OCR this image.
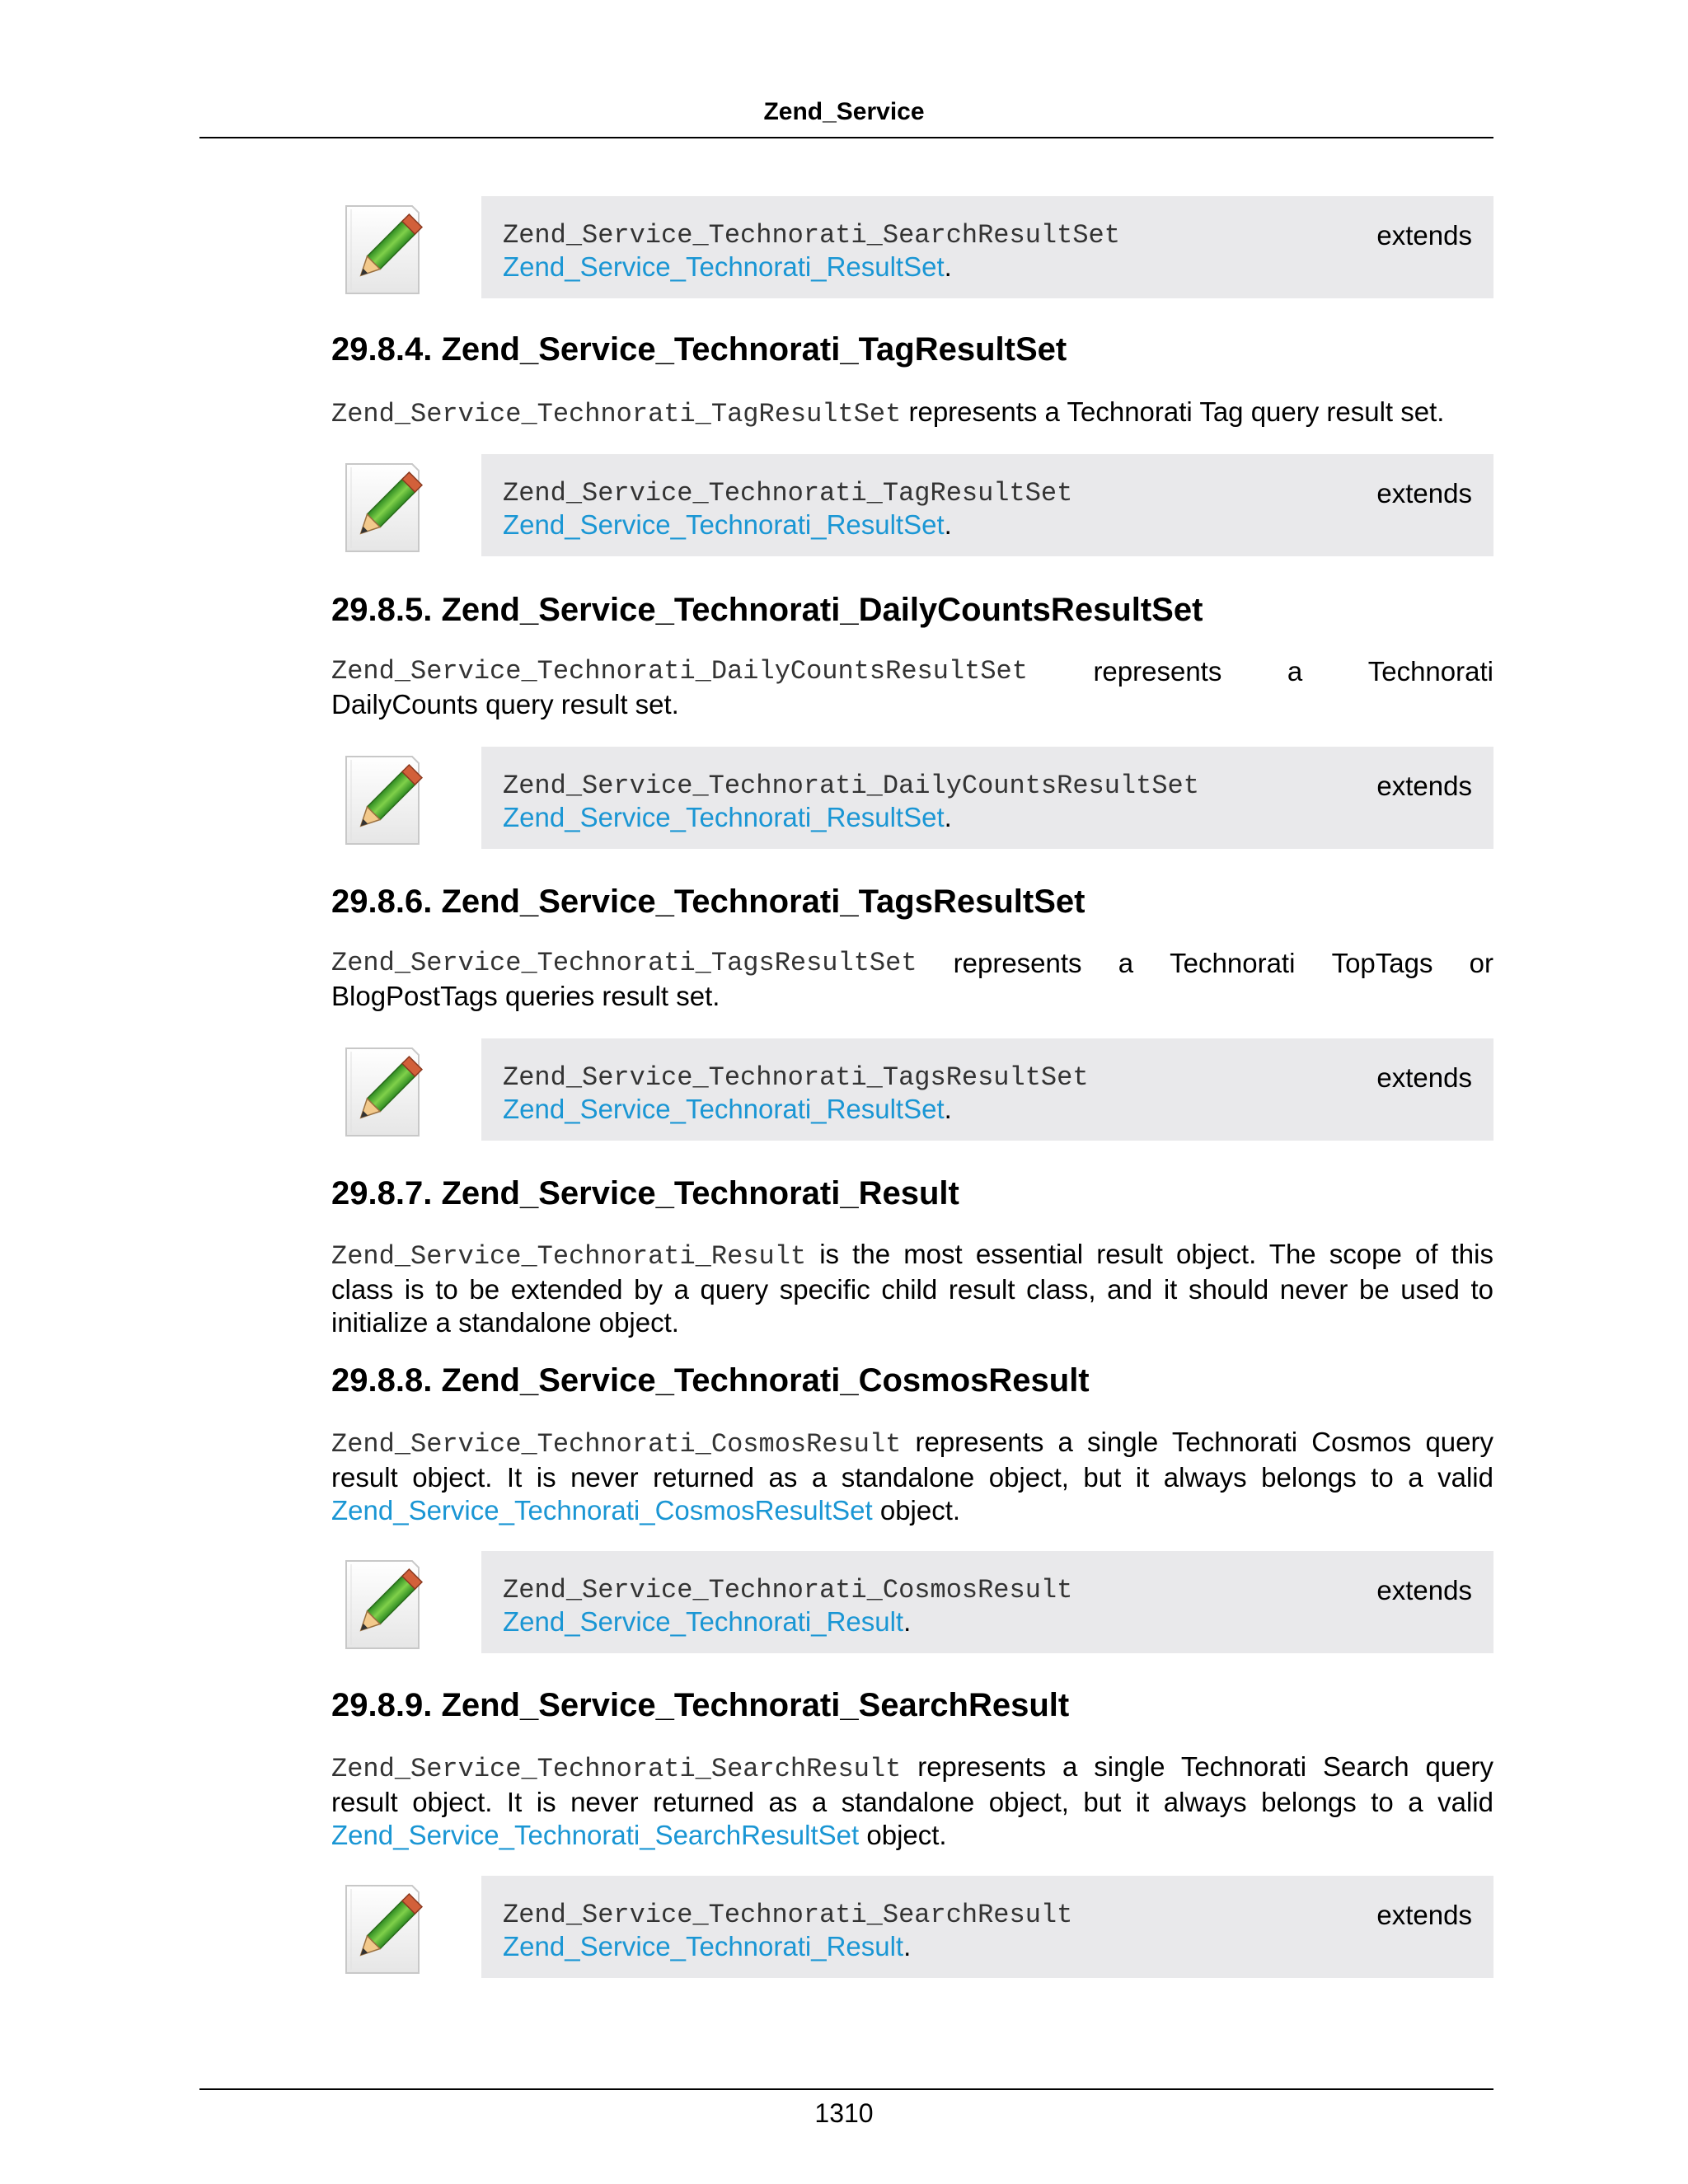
Zend_Service
Zend_Service_Technorati_SearchResultSet	extends
Zend_Service_Technorati_ResultSet.
29.8.4. Zend_Service_Technorati_TagResultSet
Zend_Service_Technorati_TagResultSet represents a Technorati Tag query result set.
Zend_Service_Technorati_TagResultSet	extends
Zend_Service_Technorati_ResultSet.
29.8.5. Zend_Service_Technorati_DailyCountsResultSet
Zend_Service_Technorati_DailyCountsResultSet represents a Technorati
DailyCounts query result set.
Zend_Service_Technorati_DailyCountsResultSet	extends
Zend_Service_Technorati_ResultSet.
29.8.6. Zend_Service_Technorati_TagsResultSet
Zend_Service_Technorati_TagsResultSet represents a Technorati TopTags or
BlogPostTags queries result set.
Zend_Service_Technorati_TagsResultSet	extends
Zend_Service_Technorati_ResultSet.
29.8.7. Zend_Service_Technorati_Result
Zend_Service_Technorati_Result is the most essential result object. The scope of this class is to be extended by a query specific child result class, and it should never be used to initialize a standalone object.
29.8.8. Zend_Service_Technorati_CosmosResult
Zend_Service_Technorati_CosmosResult represents a single Technorati Cosmos query result object. It is never returned as a standalone object, but it always belongs to a valid Zend_Service_Technorati_CosmosResultSet object.
Zend_Service_Technorati_CosmosResult	extends
Zend_Service_Technorati_Result.
29.8.9. Zend_Service_Technorati_SearchResult
Zend_Service_Technorati_SearchResult represents a single Technorati Search query result object. It is never returned as a standalone object, but it always belongs to a valid Zend_Service_Technorati_SearchResultSet object.
Zend_Service_Technorati_SearchResult	extends
Zend_Service_Technorati_Result.
1310
